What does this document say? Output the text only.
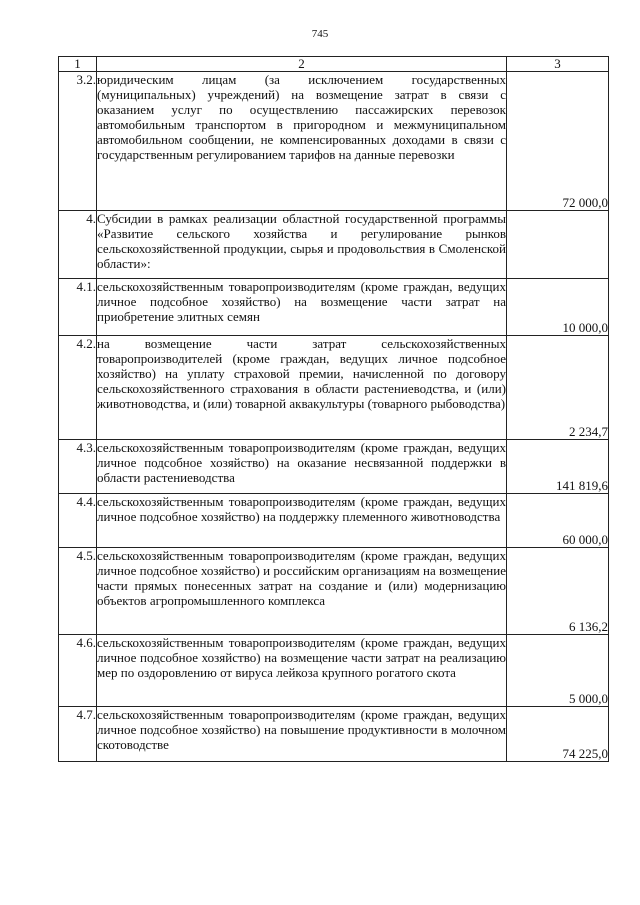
745
1	2	3
3.2.	юридическим лицам (за исключением государственных (муниципальных) учреждений) на возмещение затрат в связи с оказанием услуг по осуществлению пассажирских перевозок автомобильным транспортом в пригородном и межмуниципальном автомобильном сообщении, не компенсированных доходами в связи с государственным регулированием тарифов на данные перевозки	72 000,0
4.	Субсидии в рамках реализации областной государственной программы «Развитие сельского хозяйства и регулирование рынков сельскохозяйственной продукции, сырья и продовольствия в Смоленской области»:	
4.1.	сельскохозяйственным товаропроизводителям (кроме граждан, ведущих личное подсобное хозяйство) на возмещение части затрат на приобретение элитных семян	10 000,0
4.2.	на возмещение части затрат сельскохозяйственных товаропроизводителей (кроме граждан, ведущих личное подсобное хозяйство) на уплату страховой премии, начисленной по договору сельскохозяйственного страхования в области растениеводства, и (или) животноводства, и (или) товарной аквакультуры (товарного рыбоводства)	2 234,7
4.3.	сельскохозяйственным товаропроизводителям (кроме граждан, ведущих личное подсобное хозяйство) на оказание несвязанной поддержки в области растениеводства	141 819,6
4.4.	сельскохозяйственным товаропроизводителям (кроме граждан, ведущих личное подсобное хозяйство) на поддержку племенного животноводства	60 000,0
4.5.	сельскохозяйственным товаропроизводителям (кроме граждан, ведущих личное подсобное хозяйство) и российским организациям на возмещение части прямых понесенных затрат на создание и (или) модернизацию объектов агропромышленного комплекса	6 136,2
4.6.	сельскохозяйственным товаропроизводителям (кроме граждан, ведущих личное подсобное хозяйство) на возмещение части затрат на реализацию мер по оздоровлению от вируса лейкоза крупного рогатого скота	5 000,0
4.7.	сельскохозяйственным товаропроизводителям (кроме граждан, ведущих личное подсобное хозяйство) на повышение продуктивности в молочном скотоводстве	74 225,0
